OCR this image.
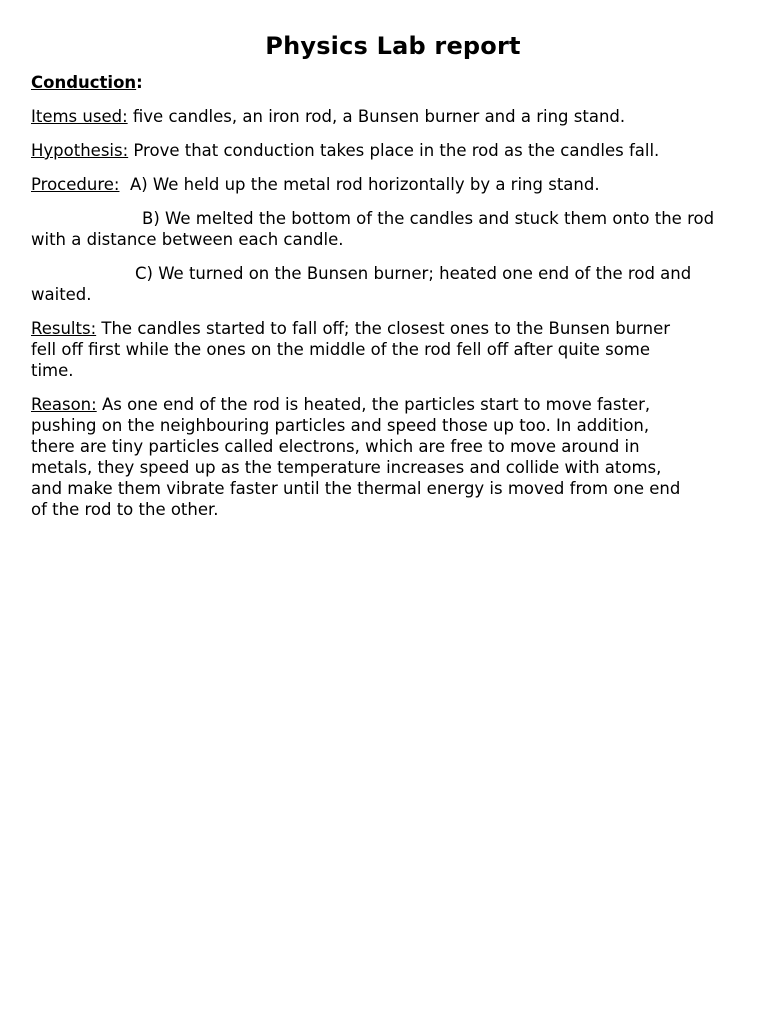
Physics Lab report
Conduction:
Items used: five candles, an iron rod, a Bunsen burner and a ring stand.
Hypothesis: Prove that conduction takes place in the rod as the candles fall.
Procedure:  A) We held up the metal rod horizontally by a ring stand.
B) We melted the bottom of the candles and stuck them onto the rod
with a distance between each candle.
C) We turned on the Bunsen burner; heated one end of the rod and
waited.
Results: The candles started to fall off; the closest ones to the Bunsen burner
fell off first while the ones on the middle of the rod fell off after quite some
time.
Reason: As one end of the rod is heated, the particles start to move faster,
pushing on the neighbouring particles and speed those up too. In addition,
there are tiny particles called electrons, which are free to move around in
metals, they speed up as the temperature increases and collide with atoms,
and make them vibrate faster until the thermal energy is moved from one end
of the rod to the other.
